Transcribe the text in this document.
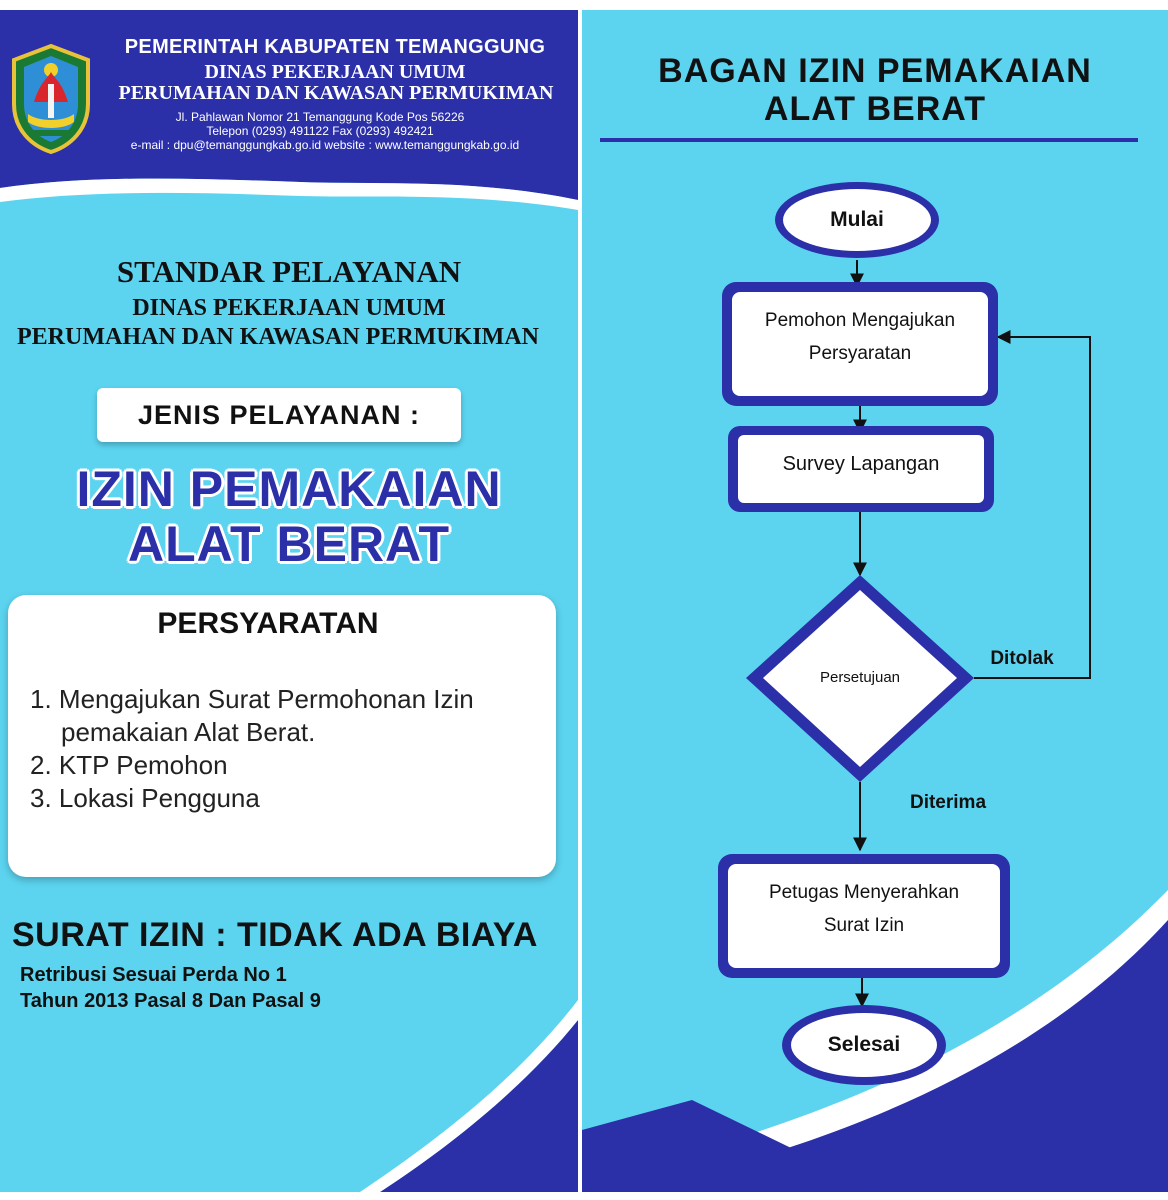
PEMERINTAH KABUPATEN TEMANGGUNG
DINAS PEKERJAAN UMUM
PERUMAHAN DAN KAWASAN PERMUKIMAN
Jl. Pahlawan Nomor 21 Temanggung Kode Pos 56226
Telepon (0293) 491122 Fax (0293) 492421
e-mail : dpu@temanggungkab.go.id website : www.temanggungkab.go.id
STANDAR PELAYANAN
DINAS PEKERJAAN UMUM
PERUMAHAN DAN KAWASAN PERMUKIMAN
JENIS PELAYANAN :
IZIN PEMAKAIAN
ALAT BERAT
PERSYARATAN
1. Mengajukan Surat Permohonan Izin
pemakaian Alat Berat.
2. KTP Pemohon
3. Lokasi Pengguna
SURAT IZIN : TIDAK ADA BIAYA
Retribusi Sesuai Perda No 1
Tahun 2013 Pasal 8 Dan Pasal 9
BAGAN IZIN PEMAKAIAN
ALAT BERAT
Mulai
Pemohon Mengajukan
Persyaratan
Survey Lapangan
Persetujuan
Ditolak
Diterima
Petugas Menyerahkan
Surat Izin
Selesai
